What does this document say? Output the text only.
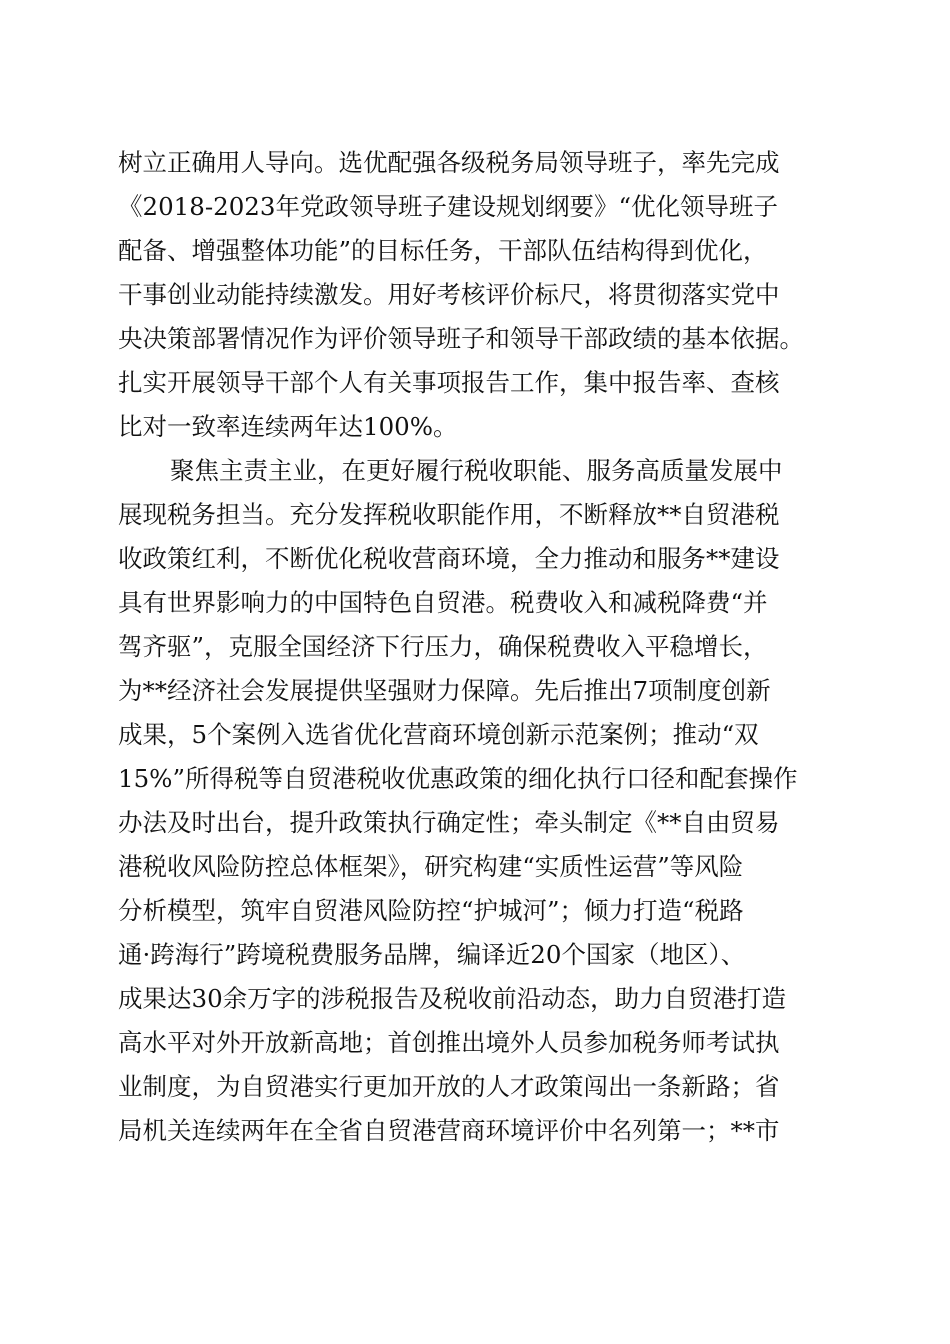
树立正确用人导向。选优配强各级税务局领导班子，率先完成
《2018-2023年党政领导班子建设规划纲要》“优化领导班子
配备、增强整体功能”的目标任务，干部队伍结构得到优化，
干事创业动能持续激发。用好考核评价标尺，将贯彻落实党中
央决策部署情况作为评价领导班子和领导干部政绩的基本依据。
扎实开展领导干部个人有关事项报告工作，集中报告率、查核
比对一致率连续两年达100%。
聚焦主责主业，在更好履行税收职能、服务高质量发展中
展现税务担当。充分发挥税收职能作用，不断释放**自贸港税
收政策红利，不断优化税收营商环境，全力推动和服务**建设
具有世界影响力的中国特色自贸港。税费收入和减税降费“并
驾齐驱”，克服全国经济下行压力，确保税费收入平稳增长，
为**经济社会发展提供坚强财力保障。先后推出7项制度创新
成果，5个案例入选省优化营商环境创新示范案例；推动“双
15%”所得税等自贸港税收优惠政策的细化执行口径和配套操作
办法及时出台，提升政策执行确定性；牵头制定《**自由贸易
港税收风险防控总体框架》，研究构建“实质性运营”等风险
分析模型，筑牢自贸港风险防控“护城河”；倾力打造“税路
通·跨海行”跨境税费服务品牌，编译近20个国家（地区）、
成果达30余万字的涉税报告及税收前沿动态，助力自贸港打造
高水平对外开放新高地；首创推出境外人员参加税务师考试执
业制度，为自贸港实行更加开放的人才政策闯出一条新路；省
局机关连续两年在全省自贸港营商环境评价中名列第一；**市
